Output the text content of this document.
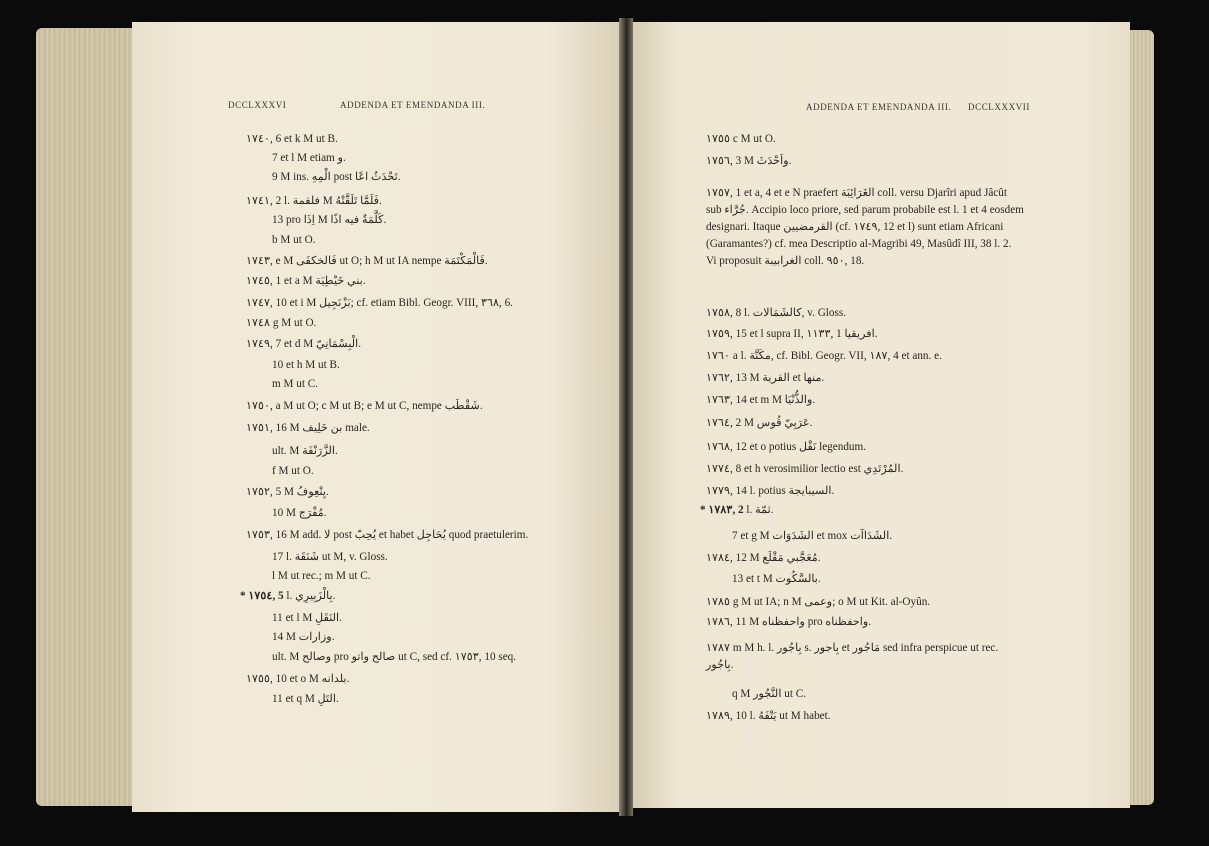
DCCLXXXVI	ADDENDA ET EMENDANDA III.	ADDENDA ET EMENDANDA III. DCCLXXXVII
١٧٤٠, 6 et k M ut B.
7 et l M etiam و.
9 M ins. الْمِهِ post تَحْدَثُ اعًا.
١٧٤١, 2 l. فلقمة M فَلَمَّا تَلَقَّتْهُ.
13 pro اِذَا M كَلَّمَةٌ فيه اذًا.
b M ut O.
١٧٤٣, e M فَالخكفَى ut O; h M ut IA nempe فَالْمَكْتَمَة.
١٧٤٥, 1 et a M بني خَيْطِيَة.
١٧٤٧, 10 et i M بَزْنَجِيل; cf. etiam Bibl. Geogr. VIII, ٣٦٨, 6.
١٧٤٨ g M ut O.
١٧٤٩, 7 et d M الْبِسْمَانِيّ.
10 et h M ut B.
m M ut C.
١٧٥٠, a M ut O; c M ut B; e M ut C, nempe شَقْطَب.
١٧٥١, 16 M بن خَلِيف male.
ult. M الزَّرَنْفَة.
f M ut O.
١٧٥٢, 5 M يِنْعِوفُ.
10 M مُفْرَج.
١٧٥٣, 16 M add. لا post يُحِبّ et habet يُحَاجِل quod praetulerim.
17 l. شَنَقَة ut M, v. Gloss.
l M ut rec.; m M ut C.
* ١٧٥٤, 5 l. بِالْزَبِيرِي.
11 et l M النَقَلِ.
14 M وزارات.
ult. M وصالح pro صالح واتو ut C, sed cf. ١٧٥٣, 10 seq.
١٧٥٥, 10 et o M بلدانه.
11 et q M التَلِ.
١٧٥٥ c M ut O.
١٧٥٦, 3 M واَحْدَثَ.
١٧٥٧, 1 et a, 4 et e N praefert الغَرَائِبَة coll. versu Djarîri apud Jâcût sub جُرَّاء. Accipio loco priore, sed parum probabile est l. 1 et 4 eosdem designari. Itaque القرمضيين (cf. ١٧٤٩, 12 et l) sunt etiam Africani (Garamantes?) cf. mea Descriptio al-Magribi 49, Masûdî III, 38 l. 2. Vi proposuit الغرابيبة coll. ٩٥٠, 18.
١٧٥٨, 8 l. كالشَمَالات, v. Gloss.
١٧٥٩, 15 et l supra II, ١١٣٣, 1 افريقيا.
١٧٦٠ a l. مكَنَّة, cf. Bibl. Geogr. VII, ١٨٧, 4 et ann. e.
١٧٦٢, 13 M القرية et منها.
١٧٦٣, 14 et m M والذُّنْيَا.
١٧٦٤, 2 M عَرَبِيّ قُوس.
١٧٦٨, 12 et o potius نَقْل legendum.
١٧٧٤, 8 et h verosimilior lectio est المُرْتَدِي.
١٧٧٩, 14 l. potius السيبايجة.
* ١٧٨٣, 2 l. ثمّة.
7 et g M الشَدَوَات et mox الشَدَاآت.
١٧٨٤, 12 M مُعَجَّبي مَقْلَع.
13 et t M بالسَّكُوت.
١٧٨٥ g M ut IA; n M وعمى; o M ut Kit. al-Oyûn.
١٧٨٦, 11 M واحفظناه pro واحفظناه.
١٧٨٧ m M h. l. بِاجُور s. بِاجور et مَاجُور sed infra perspicue ut rec. بِاجُور.
q M النَّجُور ut C.
١٧٨٩, 10 l. يَتْفَهُ ut M habet.
